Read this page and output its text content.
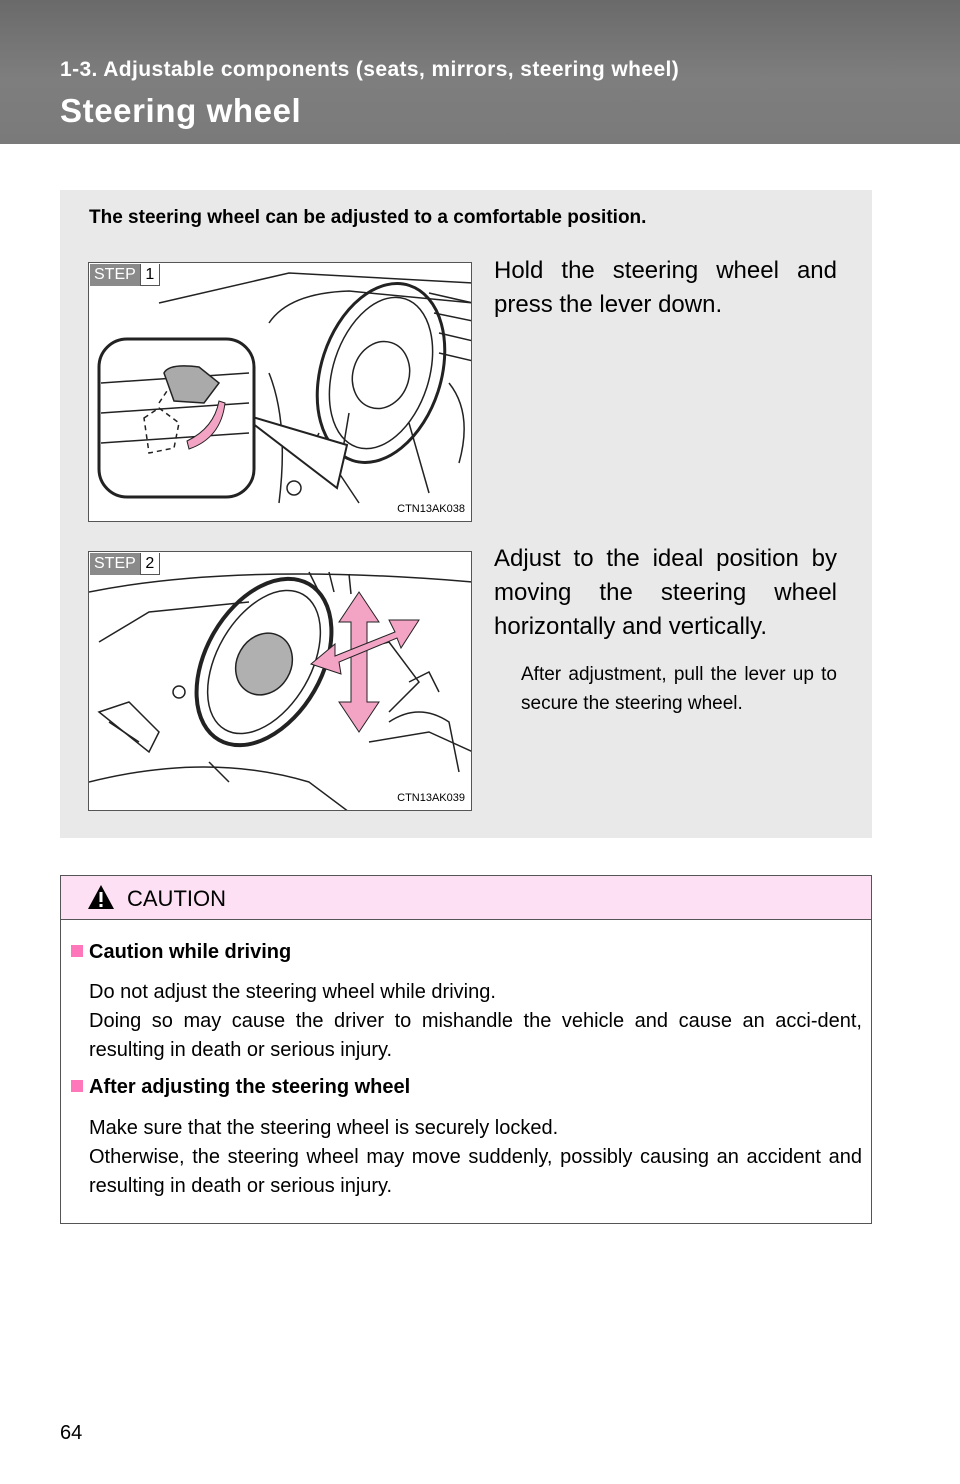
1-3. Adjustable components (seats, mirrors, steering wheel)
Steering wheel

The steering wheel can be adjusted to a comfortable position.

STEP 1
CTN13AK038

Hold the steering wheel and press the lever down.

STEP 2
CTN13AK039

Adjust to the ideal position by moving the steering wheel horizontally and vertically.

After adjustment, pull the lever up to secure the steering wheel.

CAUTION

Caution while driving

Do not adjust the steering wheel while driving.
Doing so may cause the driver to mishandle the vehicle and cause an acci-dent, resulting in death or serious injury.

After adjusting the steering wheel

Make sure that the steering wheel is securely locked.
Otherwise, the steering wheel may move suddenly, possibly causing an accident and resulting in death or serious injury.

64
